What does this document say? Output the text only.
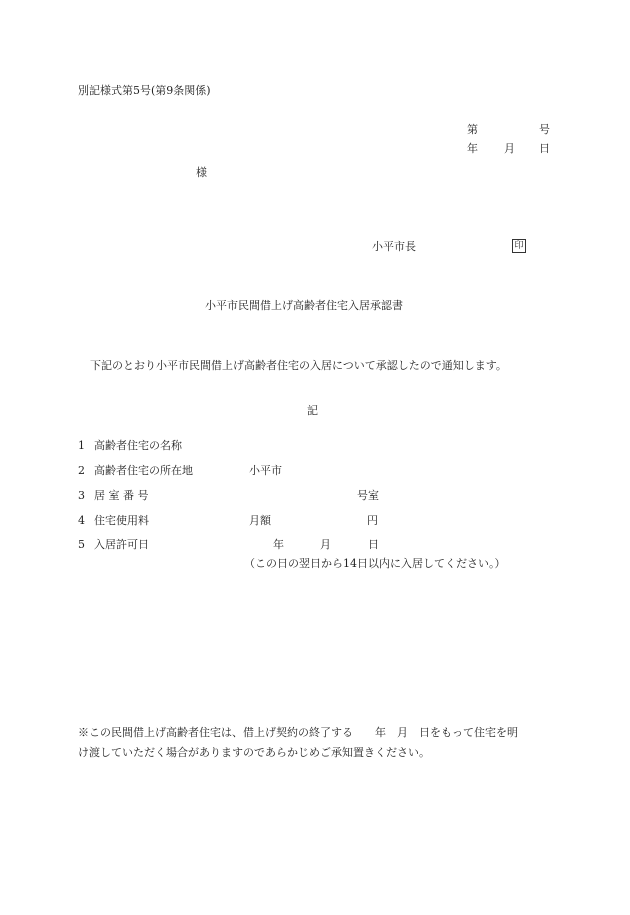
別記様式第5号(第9条関係)
第	号
年 月 日
様
小平市長	印
小平市民間借上げ高齢者住宅入居承認書
下記のとおり小平市民間借上げ高齢者住宅の入居について承認したので通知します。
記
1 高齢者住宅の名称
2 高齢者住宅の所在地	小平市
3 居 室 番 号	号室
4 住宅使用料	月額	円
5 入居許可日	年	月	日
（この日の翌日から14日以内に入居してください。）
※この民間借上げ高齢者住宅は、借上げ契約の終了する　　年　月　日をもって住宅を明
け渡していただく場合がありますのであらかじめご承知置きください。
